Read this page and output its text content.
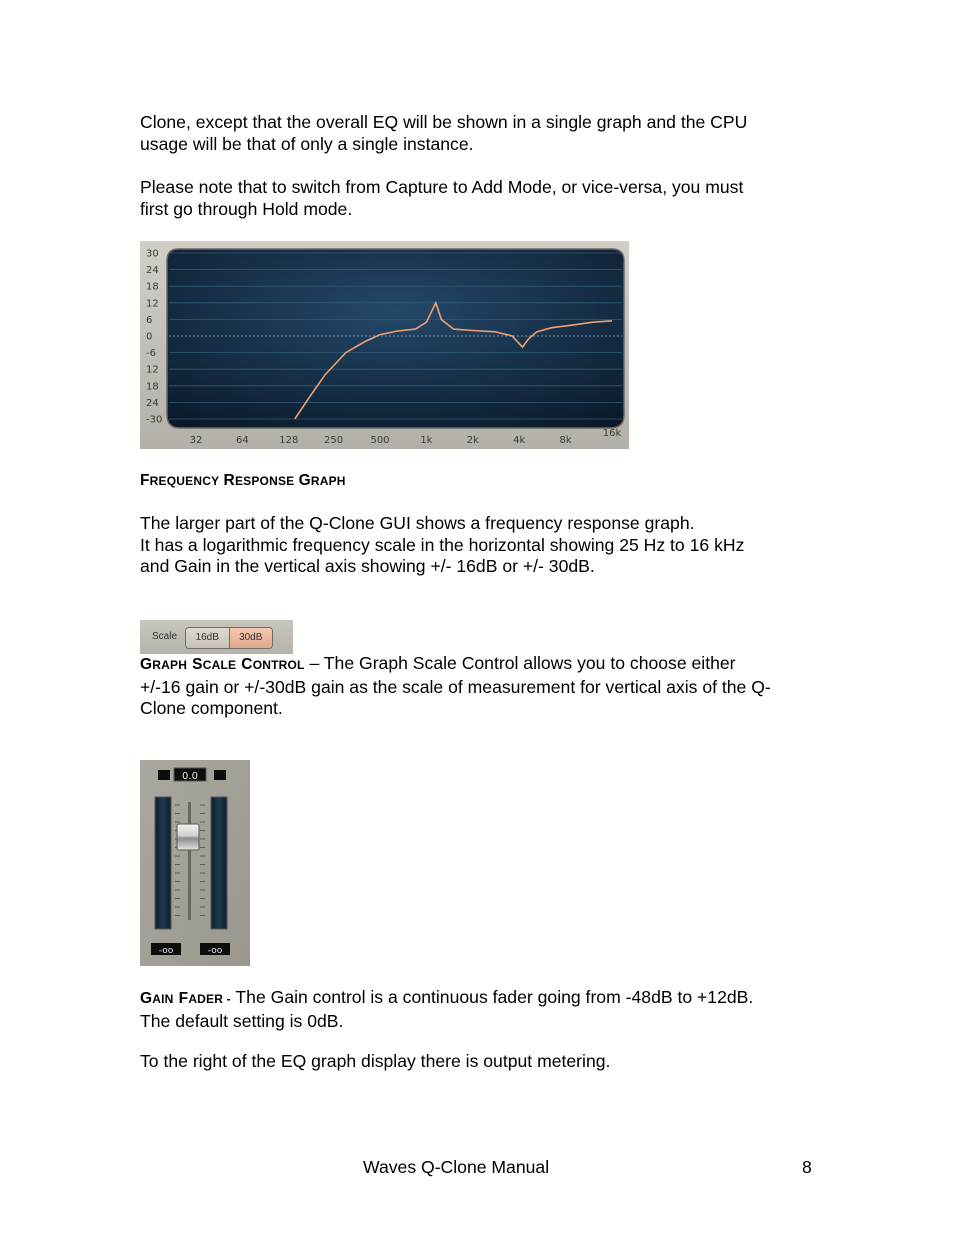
Clone, except that the overall EQ will be shown in a single graph and the CPU
usage will be that of only a single instance.

Please note that to switch from Capture to Add Mode, or vice-versa, you must
first go through Hold mode.

30
24
18
12
6
0
-6
12
18
24
-30
32	64	128	250	500	1k	2k	4k	8k
16k
FREQUENCY RESPONSE GRAPH

The larger part of the Q-Clone GUI shows a frequency response graph.
It has a logarithmic frequency scale in the horizontal showing 25 Hz to 16 kHz
and Gain in the vertical axis showing +/- 16dB or +/- 30dB.

Scale	16dB	30dB

GRAPH SCALE CONTROL – The Graph Scale Control allows you to choose either
+/-16 gain or +/-30dB gain as the scale of measurement for vertical axis of the Q-
Clone component.

0.0
-oo	-oo

GAIN FADER - The Gain control is a continuous fader going from -48dB to +12dB.
The default setting is 0dB.

To the right of the EQ graph display there is output metering.

Waves Q-Clone Manual	8
